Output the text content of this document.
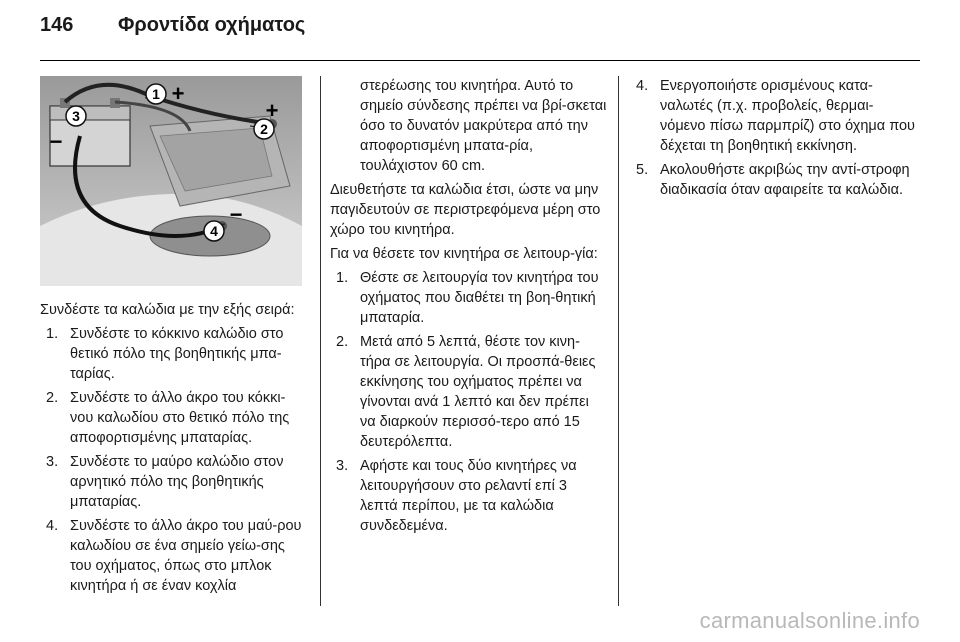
146	Φροντίδα οχήματος
1 +
2
+
3
−
4
−

Συνδέστε τα καλώδια με την εξής σειρά:

1. Συνδέστε το κόκκινο καλώδιο στο θετικό πόλο της βοηθητικής μπα-ταρίας.
2. Συνδέστε το άλλο άκρο του κόκκι-νου καλωδίου στο θετικό πόλο της αποφορτισμένης μπαταρίας.
3. Συνδέστε το μαύρο καλώδιο στον αρνητικό πόλο της βοηθητικής μπαταρίας.
4. Συνδέστε το άλλο άκρο του μαύ-ρου καλωδίου σε ένα σημείο γείω-σης του οχήματος, όπως στο μπλοκ κινητήρα ή σε έναν κοχλία

στερέωσης του κινητήρα. Αυτό το σημείο σύνδεσης πρέπει να βρί-σκεται όσο το δυνατόν μακρύτερα από την αποφορτισμένη μπατα-ρία, τουλάχιστον 60 cm.

Διευθετήστε τα καλώδια έτσι, ώστε να μην παγιδευτούν σε περιστρεφόμενα μέρη στο χώρο του κινητήρα.

Για να θέσετε τον κινητήρα σε λειτουρ-γία:

1. Θέστε σε λειτουργία τον κινητήρα του οχήματος που διαθέτει τη βοη-θητική μπαταρία.
2. Μετά από 5 λεπτά, θέστε τον κινη-τήρα σε λειτουργία. Οι προσπά-θειες εκκίνησης του οχήματος πρέπει να γίνονται ανά 1 λεπτό και δεν πρέπει να διαρκούν περισσό-τερο από 15 δευτερόλεπτα.
3. Αφήστε και τους δύο κινητήρες να λειτουργήσουν στο ρελαντί επί 3 λεπτά περίπου, με τα καλώδια συνδεδεμένα.
4. Ενεργοποιήστε ορισμένους κατα-ναλωτές (π.χ. προβολείς, θερμαι-νόμενο πίσω παρμπρίζ) στο όχημα που δέχεται τη βοηθητική εκκίνηση.
5. Ακολουθήστε ακριβώς την αντί-στροφη διαδικασία όταν αφαιρείτε τα καλώδια.
carmanualsonline.info
